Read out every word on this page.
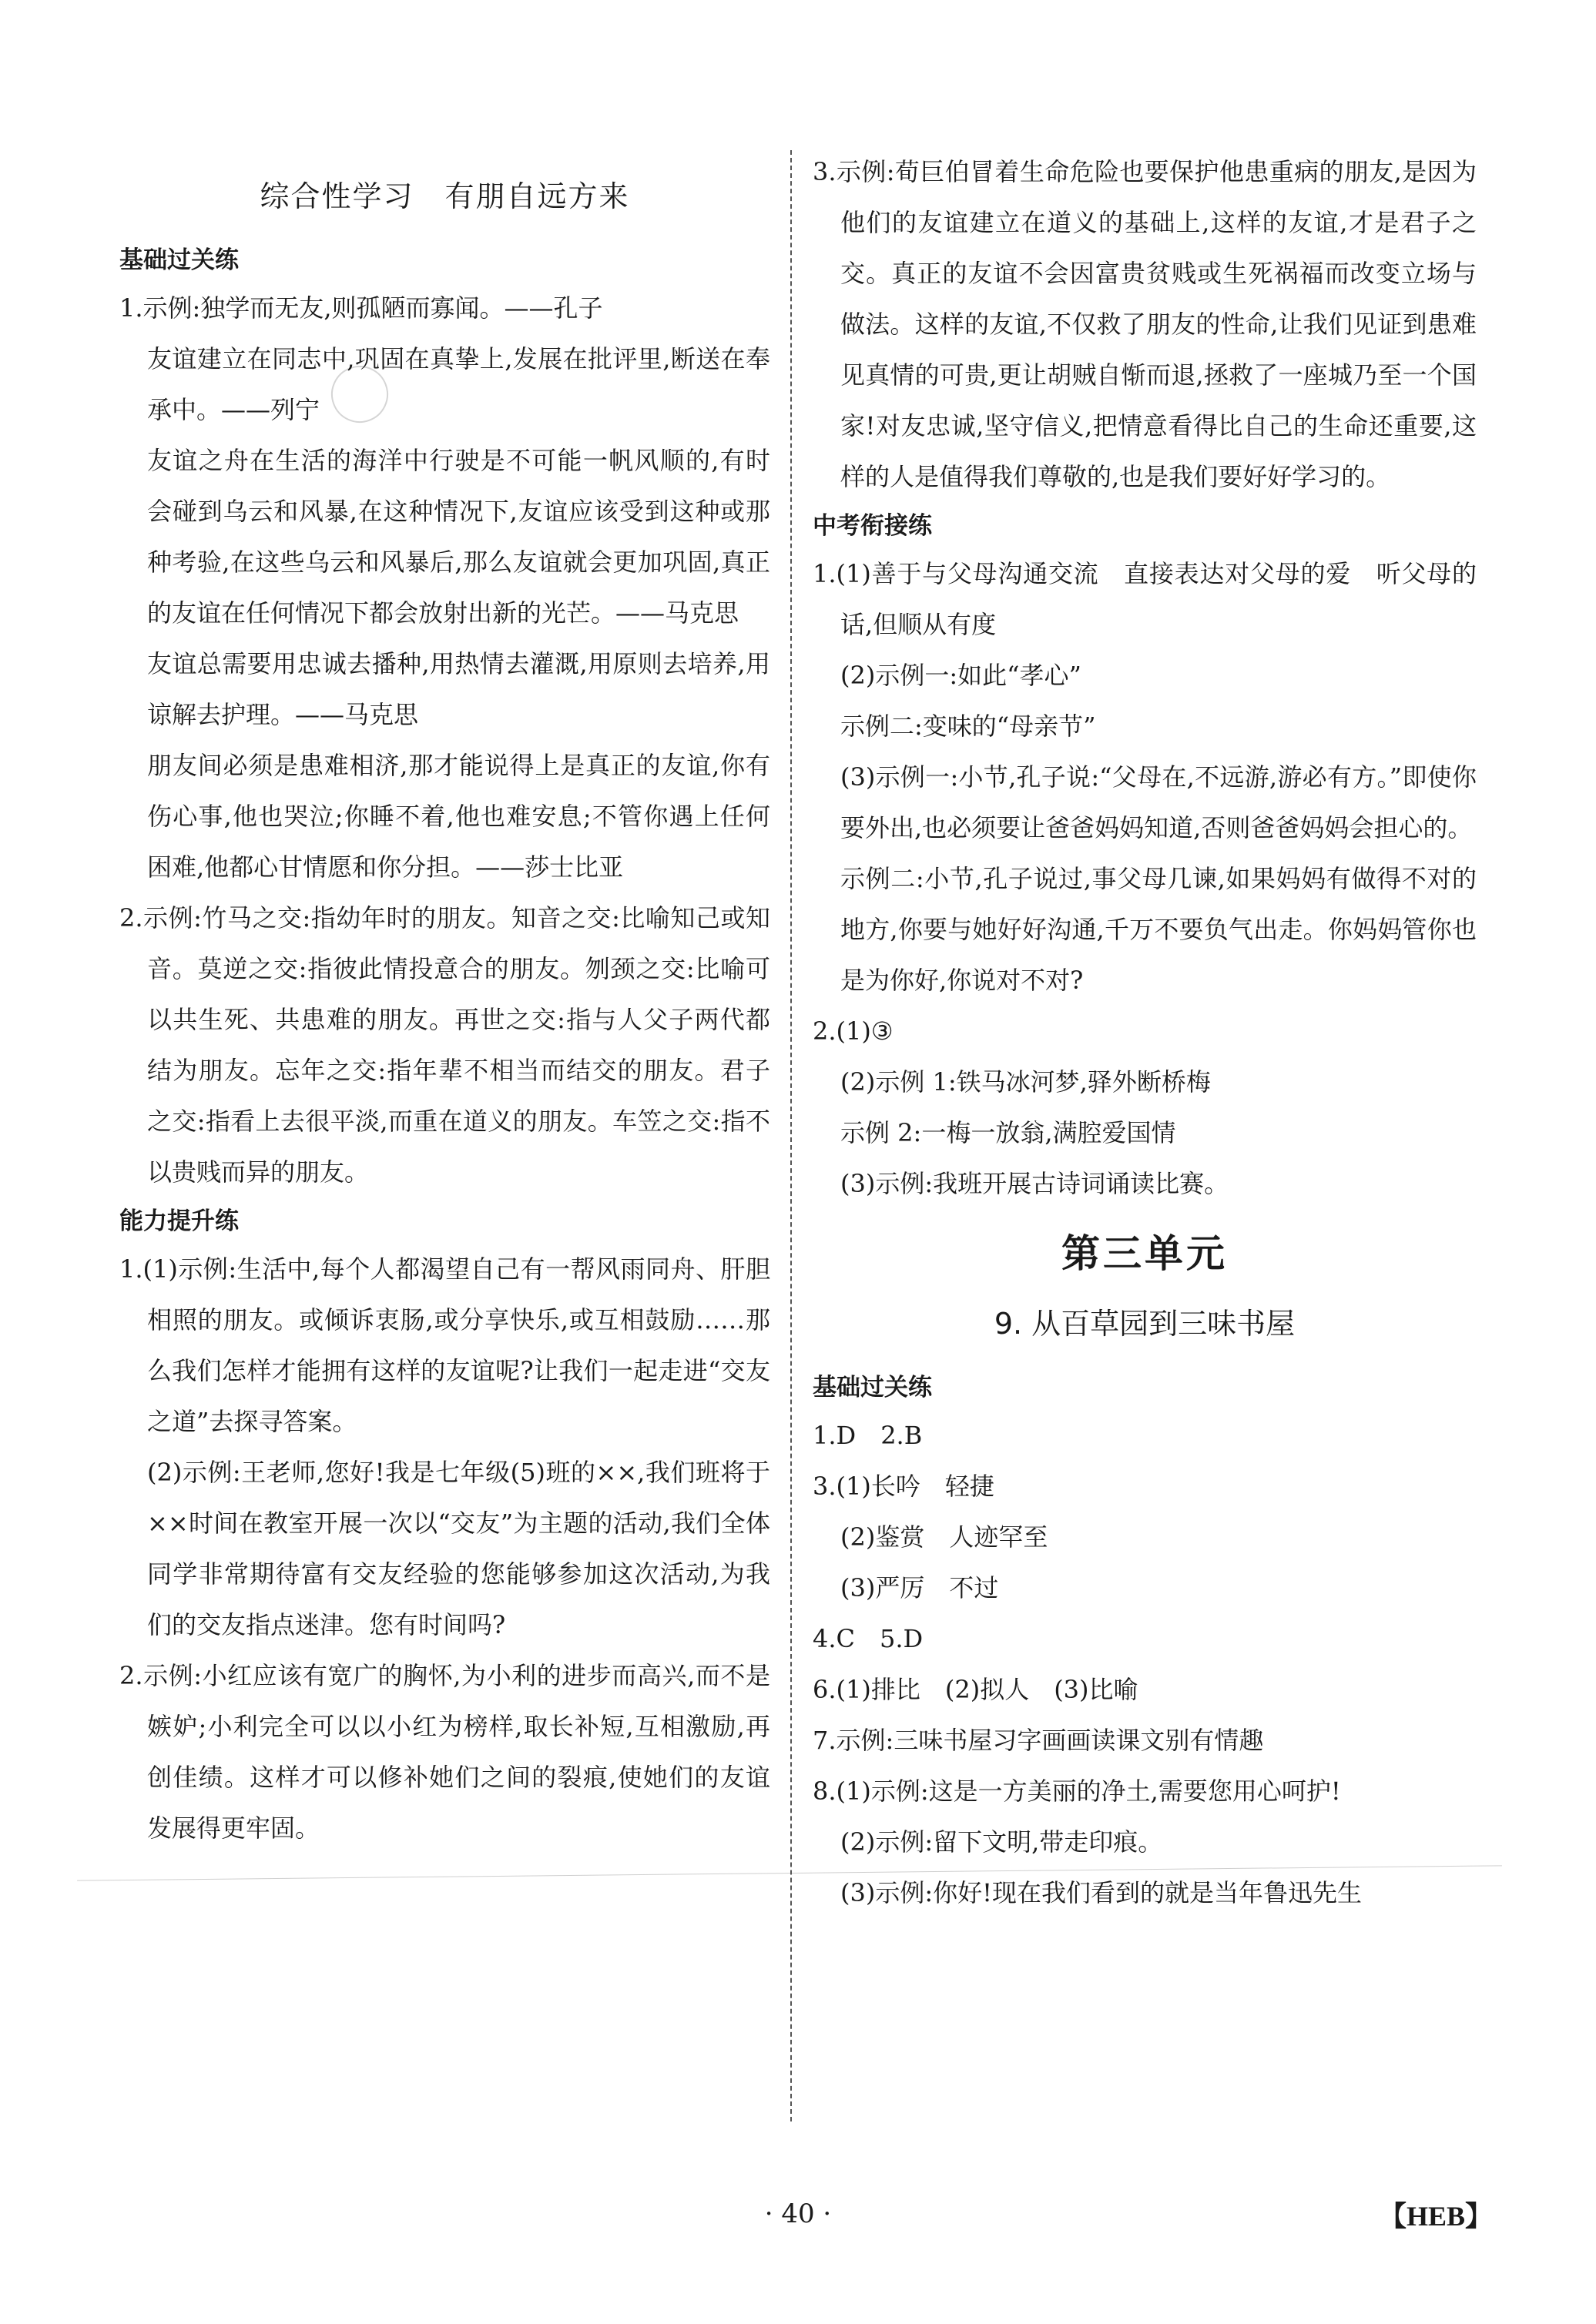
综合性学习　有朋自远方来
基础过关练

1.示例:独学而无友,则孤陋而寡闻。——孔子

友谊建立在同志中,巩固在真挚上,发展在批评里,断送在奉承中。——列宁

友谊之舟在生活的海洋中行驶是不可能一帆风顺的,有时会碰到乌云和风暴,在这种情况下,友谊应该受到这种或那种考验,在这些乌云和风暴后,那么友谊就会更加巩固,真正的友谊在任何情况下都会放射出新的光芒。——马克思

友谊总需要用忠诚去播种,用热情去灌溉,用原则去培养,用谅解去护理。——马克思

朋友间必须是患难相济,那才能说得上是真正的友谊,你有伤心事,他也哭泣;你睡不着,他也难安息;不管你遇上任何困难,他都心甘情愿和你分担。——莎士比亚

2.示例:竹马之交:指幼年时的朋友。知音之交:比喻知己或知音。莫逆之交:指彼此情投意合的朋友。刎颈之交:比喻可以共生死、共患难的朋友。再世之交:指与人父子两代都结为朋友。忘年之交:指年辈不相当而结交的朋友。君子之交:指看上去很平淡,而重在道义的朋友。车笠之交:指不以贵贱而异的朋友。

能力提升练

1.(1)示例:生活中,每个人都渴望自己有一帮风雨同舟、肝胆相照的朋友。或倾诉衷肠,或分享快乐,或互相鼓励……那么我们怎样才能拥有这样的友谊呢?让我们一起走进“交友之道”去探寻答案。

(2)示例:王老师,您好!我是七年级(5)班的××,我们班将于××时间在教室开展一次以“交友”为主题的活动,我们全体同学非常期待富有交友经验的您能够参加这次活动,为我们的交友指点迷津。您有时间吗?

2.示例:小红应该有宽广的胸怀,为小利的进步而高兴,而不是嫉妒;小利完全可以以小红为榜样,取长补短,互相激励,再创佳绩。这样才可以修补她们之间的裂痕,使她们的友谊发展得更牢固。

3.示例:荀巨伯冒着生命危险也要保护他患重病的朋友,是因为他们的友谊建立在道义的基础上,这样的友谊,才是君子之交。真正的友谊不会因富贵贫贱或生死祸福而改变立场与做法。这样的友谊,不仅救了朋友的性命,让我们见证到患难见真情的可贵,更让胡贼自惭而退,拯救了一座城乃至一个国家!对友忠诚,坚守信义,把情意看得比自己的生命还重要,这样的人是值得我们尊敬的,也是我们要好好学习的。

中考衔接练

1.(1)善于与父母沟通交流　直接表达对父母的爱　听父母的话,但顺从有度

(2)示例一:如此“孝心”

示例二:变味的“母亲节”

(3)示例一:小节,孔子说:“父母在,不远游,游必有方。”即使你要外出,也必须要让爸爸妈妈知道,否则爸爸妈妈会担心的。

示例二:小节,孔子说过,事父母几谏,如果妈妈有做得不对的地方,你要与她好好沟通,千万不要负气出走。你妈妈管你也是为你好,你说对不对?

2.(1)③

(2)示例 1:铁马冰河梦,驿外断桥梅

示例 2:一梅一放翁,满腔爱国情

(3)示例:我班开展古诗词诵读比赛。

第三单元
9. 从百草园到三味书屋
基础过关练

1.D　2.B

3.(1)长吟　轻捷

(2)鉴赏　人迹罕至

(3)严厉　不过

4.C　5.D

6.(1)排比　(2)拟人　(3)比喻

7.示例:三味书屋习字画画读课文别有情趣

8.(1)示例:这是一方美丽的净土,需要您用心呵护!

(2)示例:留下文明,带走印痕。

(3)示例:你好!现在我们看到的就是当年鲁迅先生

· 40 ·	【HEB】
